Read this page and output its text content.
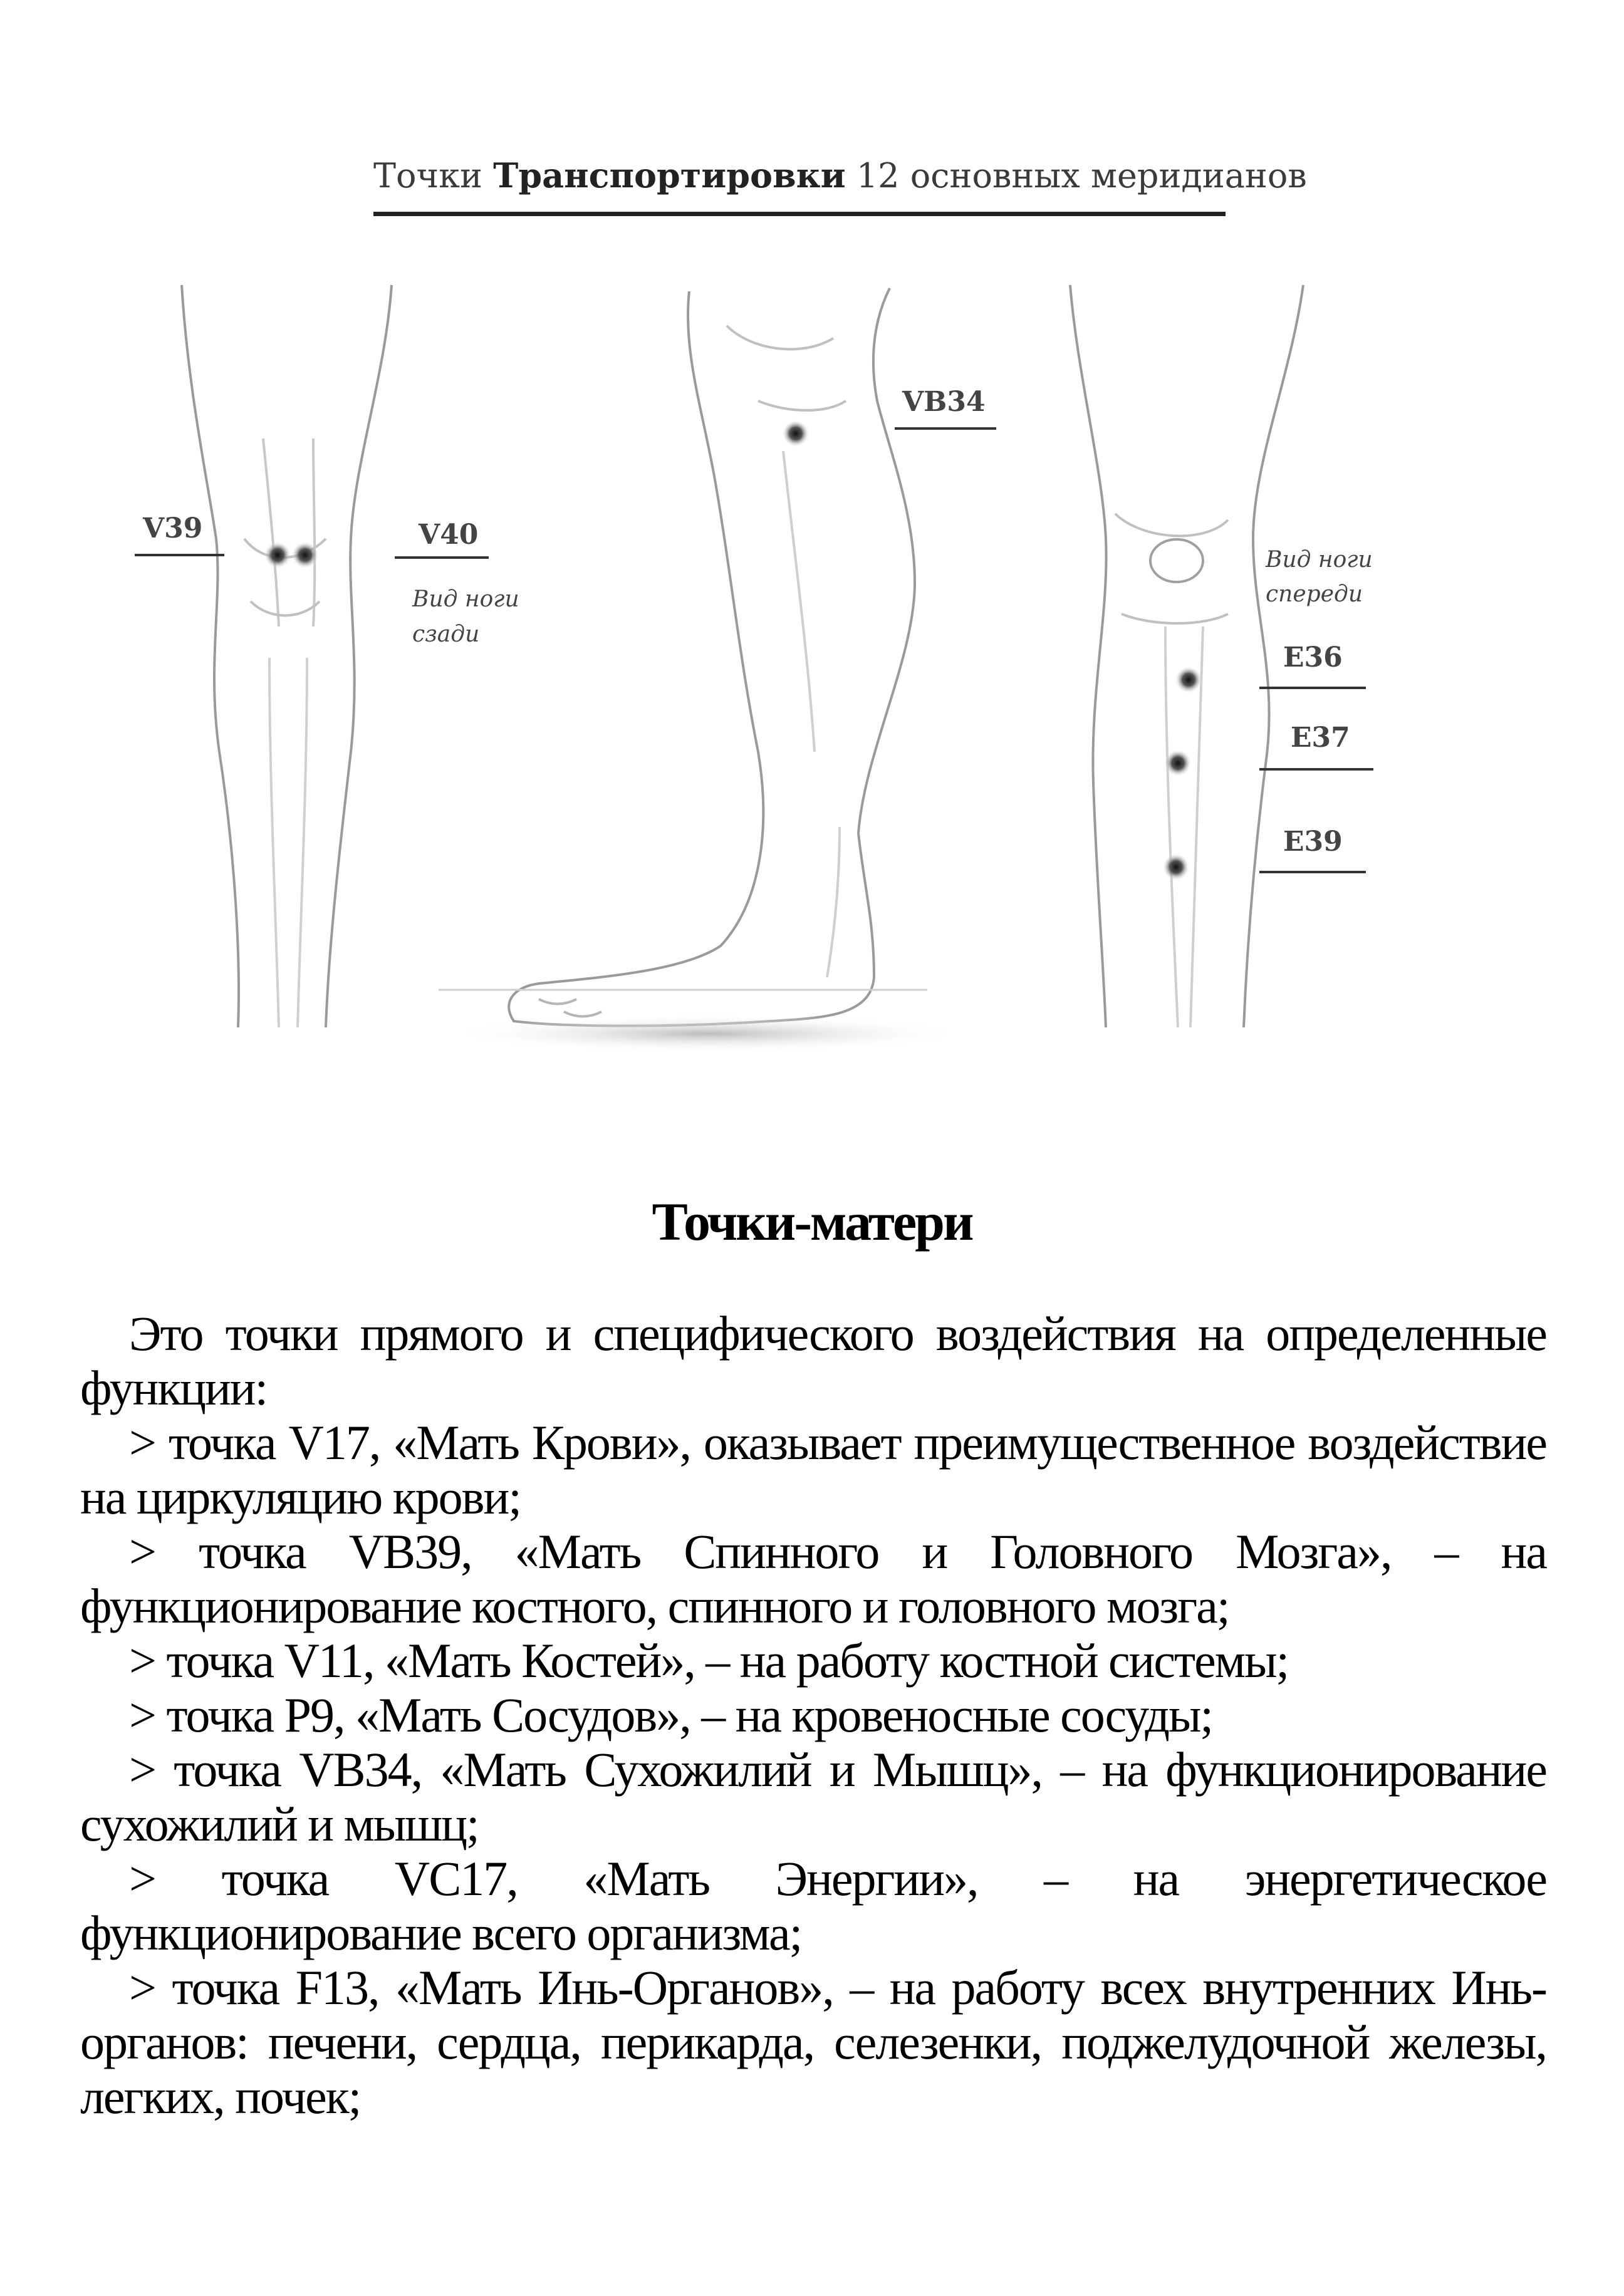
Точки Транспортировки 12 основных меридианов
V39	V40
Вид ноги
сзади
VB34
Вид ноги
спереди
E36
E37
E39
Точки-матери

Это точки прямого и специфического воздействия на определенные функции:

> точка V17, «Мать Крови», оказывает преимущественное воздействие на циркуляцию крови;

> точка VB39, «Мать Спинного и Головного Мозга», – на функционирование костного, спинного и головного мозга;

> точка V11, «Мать Костей», – на работу костной системы;

> точка P9, «Мать Сосудов», – на кровеносные сосуды;

> точка VB34, «Мать Сухожилий и Мышц», – на функционирование сухожилий и мышц;

> точка VC17, «Мать Энергии», – на энергетическое функционирование всего организма;

> точка F13, «Мать Инь-Органов», – на работу всех внутренних Инь-органов: печени, сердца, перикарда, селезенки, поджелудочной железы, легких, почек;
